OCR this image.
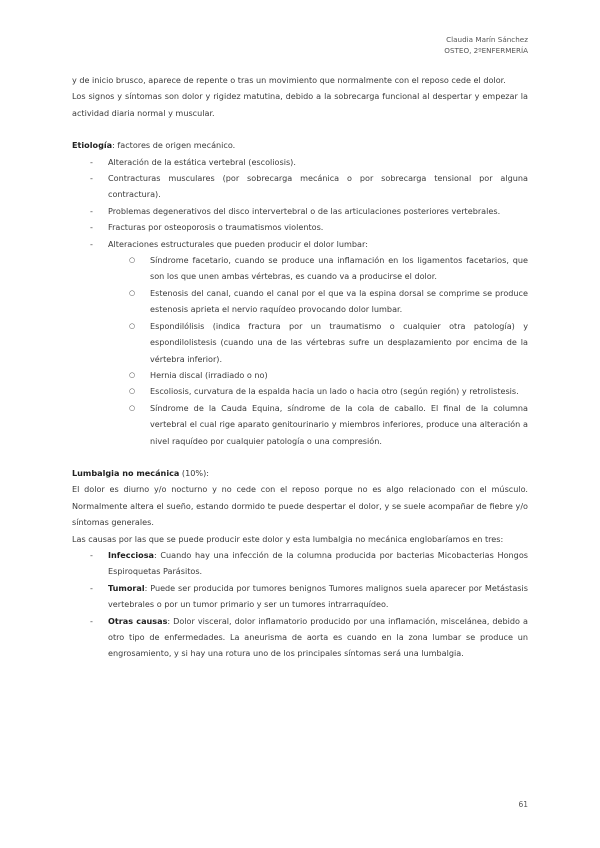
Claudia Marín Sánchez
OSTEO, 2ºENFERMERÍA

y de inicio brusco, aparece de repente o tras un movimiento que normalmente con el reposo cede el dolor.

Los signos y síntomas son dolor y rigidez matutina, debido a la sobrecarga funcional al despertar y empezar la actividad diaria normal y muscular.

Etiología: factores de origen mecánico.

- Alteración de la estática vertebral (escoliosis).
- Contracturas musculares (por sobrecarga mecánica o por sobrecarga tensional por alguna contractura).
- Problemas degenerativos del disco intervertebral o de las articulaciones posteriores vertebrales.
- Fracturas por osteoporosis o traumatismos violentos.
- Alteraciones estructurales que pueden producir el dolor lumbar:
○ Síndrome facetario, cuando se produce una inflamación en los ligamentos facetarios, que son los que unen ambas vértebras, es cuando va a producirse el dolor.
○ Estenosis del canal, cuando el canal por el que va la espina dorsal se comprime se produce estenosis aprieta el nervio raquídeo provocando dolor lumbar.
○ Espondilólisis (indica fractura por un traumatismo o cualquier otra patología) y espondilolistesis (cuando una de las vértebras sufre un desplazamiento por encima de la vértebra inferior).
○ Hernia discal (irradiado o no)
○ Escoliosis, curvatura de la espalda hacia un lado o hacia otro (según región) y retrolistesis.
○ Síndrome de la Cauda Equina, síndrome de la cola de caballo. El final de la columna vertebral el cual rige aparato genitourinario y miembros inferiores, produce una alteración a nivel raquídeo por cualquier patología o una compresión.

Lumbalgia no mecánica (10%):

El dolor es diurno y/o nocturno y no cede con el reposo porque no es algo relacionado con el músculo. Normalmente altera el sueño, estando dormido te puede despertar el dolor, y se suele acompañar de fiebre y/o síntomas generales.

Las causas por las que se puede producir este dolor y esta lumbalgia no mecánica englobaríamos en tres:

- Infecciosa: Cuando hay una infección de la columna producida por bacterias Micobacterias Hongos Espiroquetas Parásitos.
- Tumoral: Puede ser producida por tumores benignos Tumores malignos suela aparecer por Metástasis vertebrales o por un tumor primario y ser un tumores intrarraquídeo.
- Otras causas: Dolor visceral, dolor inflamatorio producido por una inflamación, miscelánea, debido a otro tipo de enfermedades. La aneurisma de aorta es cuando en la zona lumbar se produce un engrosamiento, y si hay una rotura uno de los principales síntomas será una lumbalgia.
61
